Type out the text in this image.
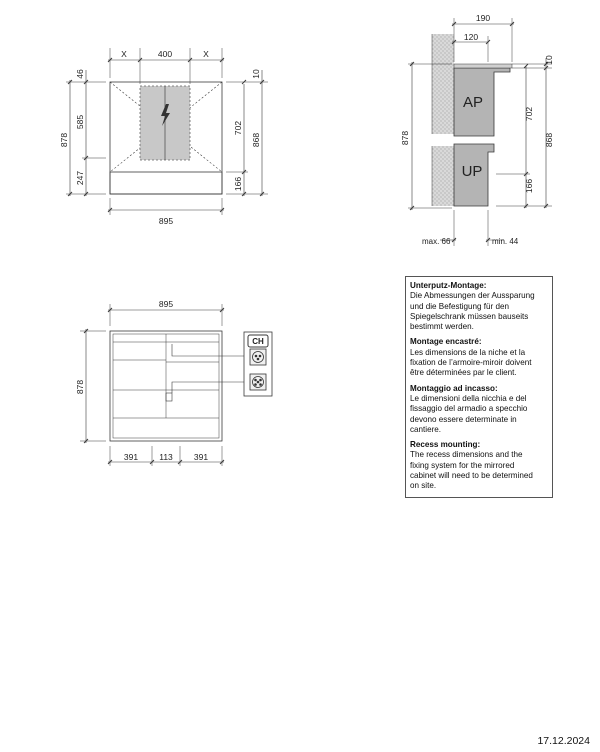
X	400	X
895
878
46
585
247
702
166
868
10
190
120
10
702
868
878
166
max. 66	min. 44
AP
UP
895
878
391 113 391
CH
Unterputz-Montage:
Die Abmessungen der Aussparung
und die Befestigung für den
Spiegelschrank müssen bauseits
bestimmt werden.
Montage encastré:
Les dimensions de la niche et la
fixation de l’armoire-miroir doivent
être déterminées par le client.
Montaggio ad incasso:
Le dimensioni della nicchia e del
fissaggio del armadio a specchio
devono essere determinate in
cantiere.
Recess mounting:
The recess dimensions and the
fixing system for the mirrored
cabinet will need to be determined
on site.
17.12.2024
